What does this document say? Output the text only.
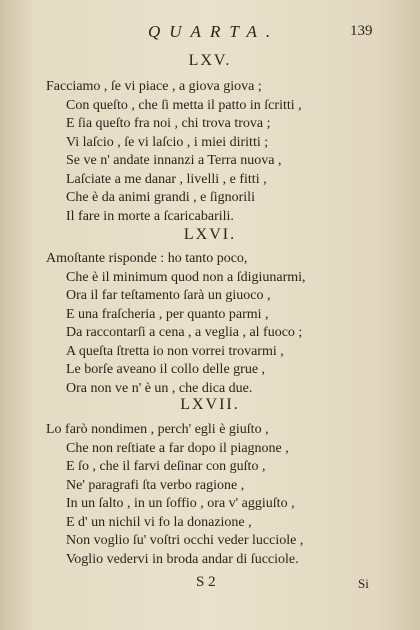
QUARTA.	139
LXV.
Facciamo , ſe vi piace , a giova giova ;
Con queſto , che ſi metta il patto in ſcritti ,
E ſia queſto fra noi , chi trova trova ;
Vi laſcio , ſe vi laſcio , i miei diritti ;
Se ve n' andate innanzi a Terra nuova ,
Laſciate a me danar , livelli , e fitti ,
Che è da animi grandi , e ſignorili
Il fare in morte a ſcaricabarili.
LXVI.
Amoſtante risponde : ho tanto poco,
Che è il minimum quod non a ſdigiunarmi,
Ora il far teſtamento ſarà un giuoco ,
E una fraſcheria , per quanto parmi ,
Da raccontarſi a cena , a veglia , al fuoco ;
A queſta ſtretta io non vorrei trovarmi ,
Le borſe aveano il collo delle grue ,
Ora non ve n' è un , che dica due.
LXVII.
Lo farò nondimen , perch' egli è giuſto ,
Che non reſtiate a far dopo il piagnone ,
E ſo , che il farvi deſinar con guſto ,
Ne' paragrafi ſta verbo ragione ,
In un ſalto , in un ſoffio , ora v' aggiuſto ,
E d' un nichil vi fo la donazione ,
Non voglio ſu' voſtri occhi veder lucciole ,
Voglio vedervi in broda andar di ſucciole.
S 2	Si
